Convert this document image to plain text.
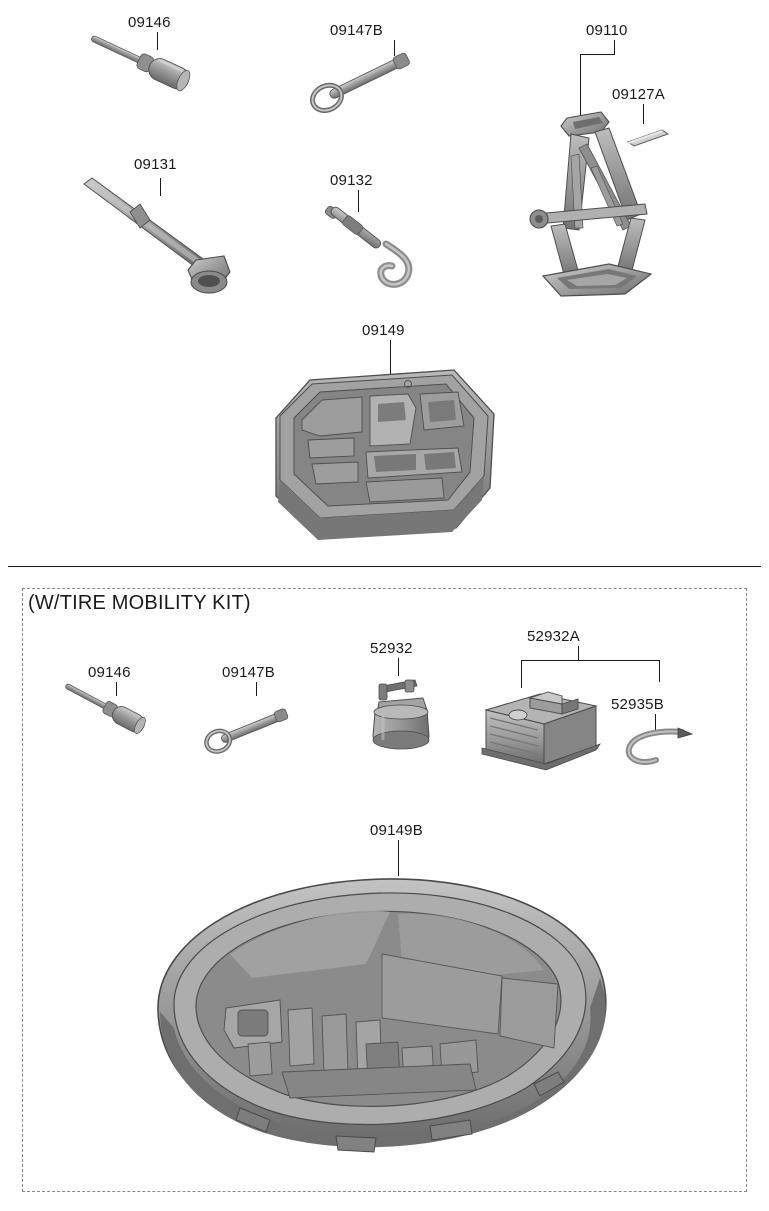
09146	09147B	09110
09127A
09131
09132
09149
(W/TIRE MOBILITY KIT)
09146	09147B
52932
52932A
52935B
09149B
